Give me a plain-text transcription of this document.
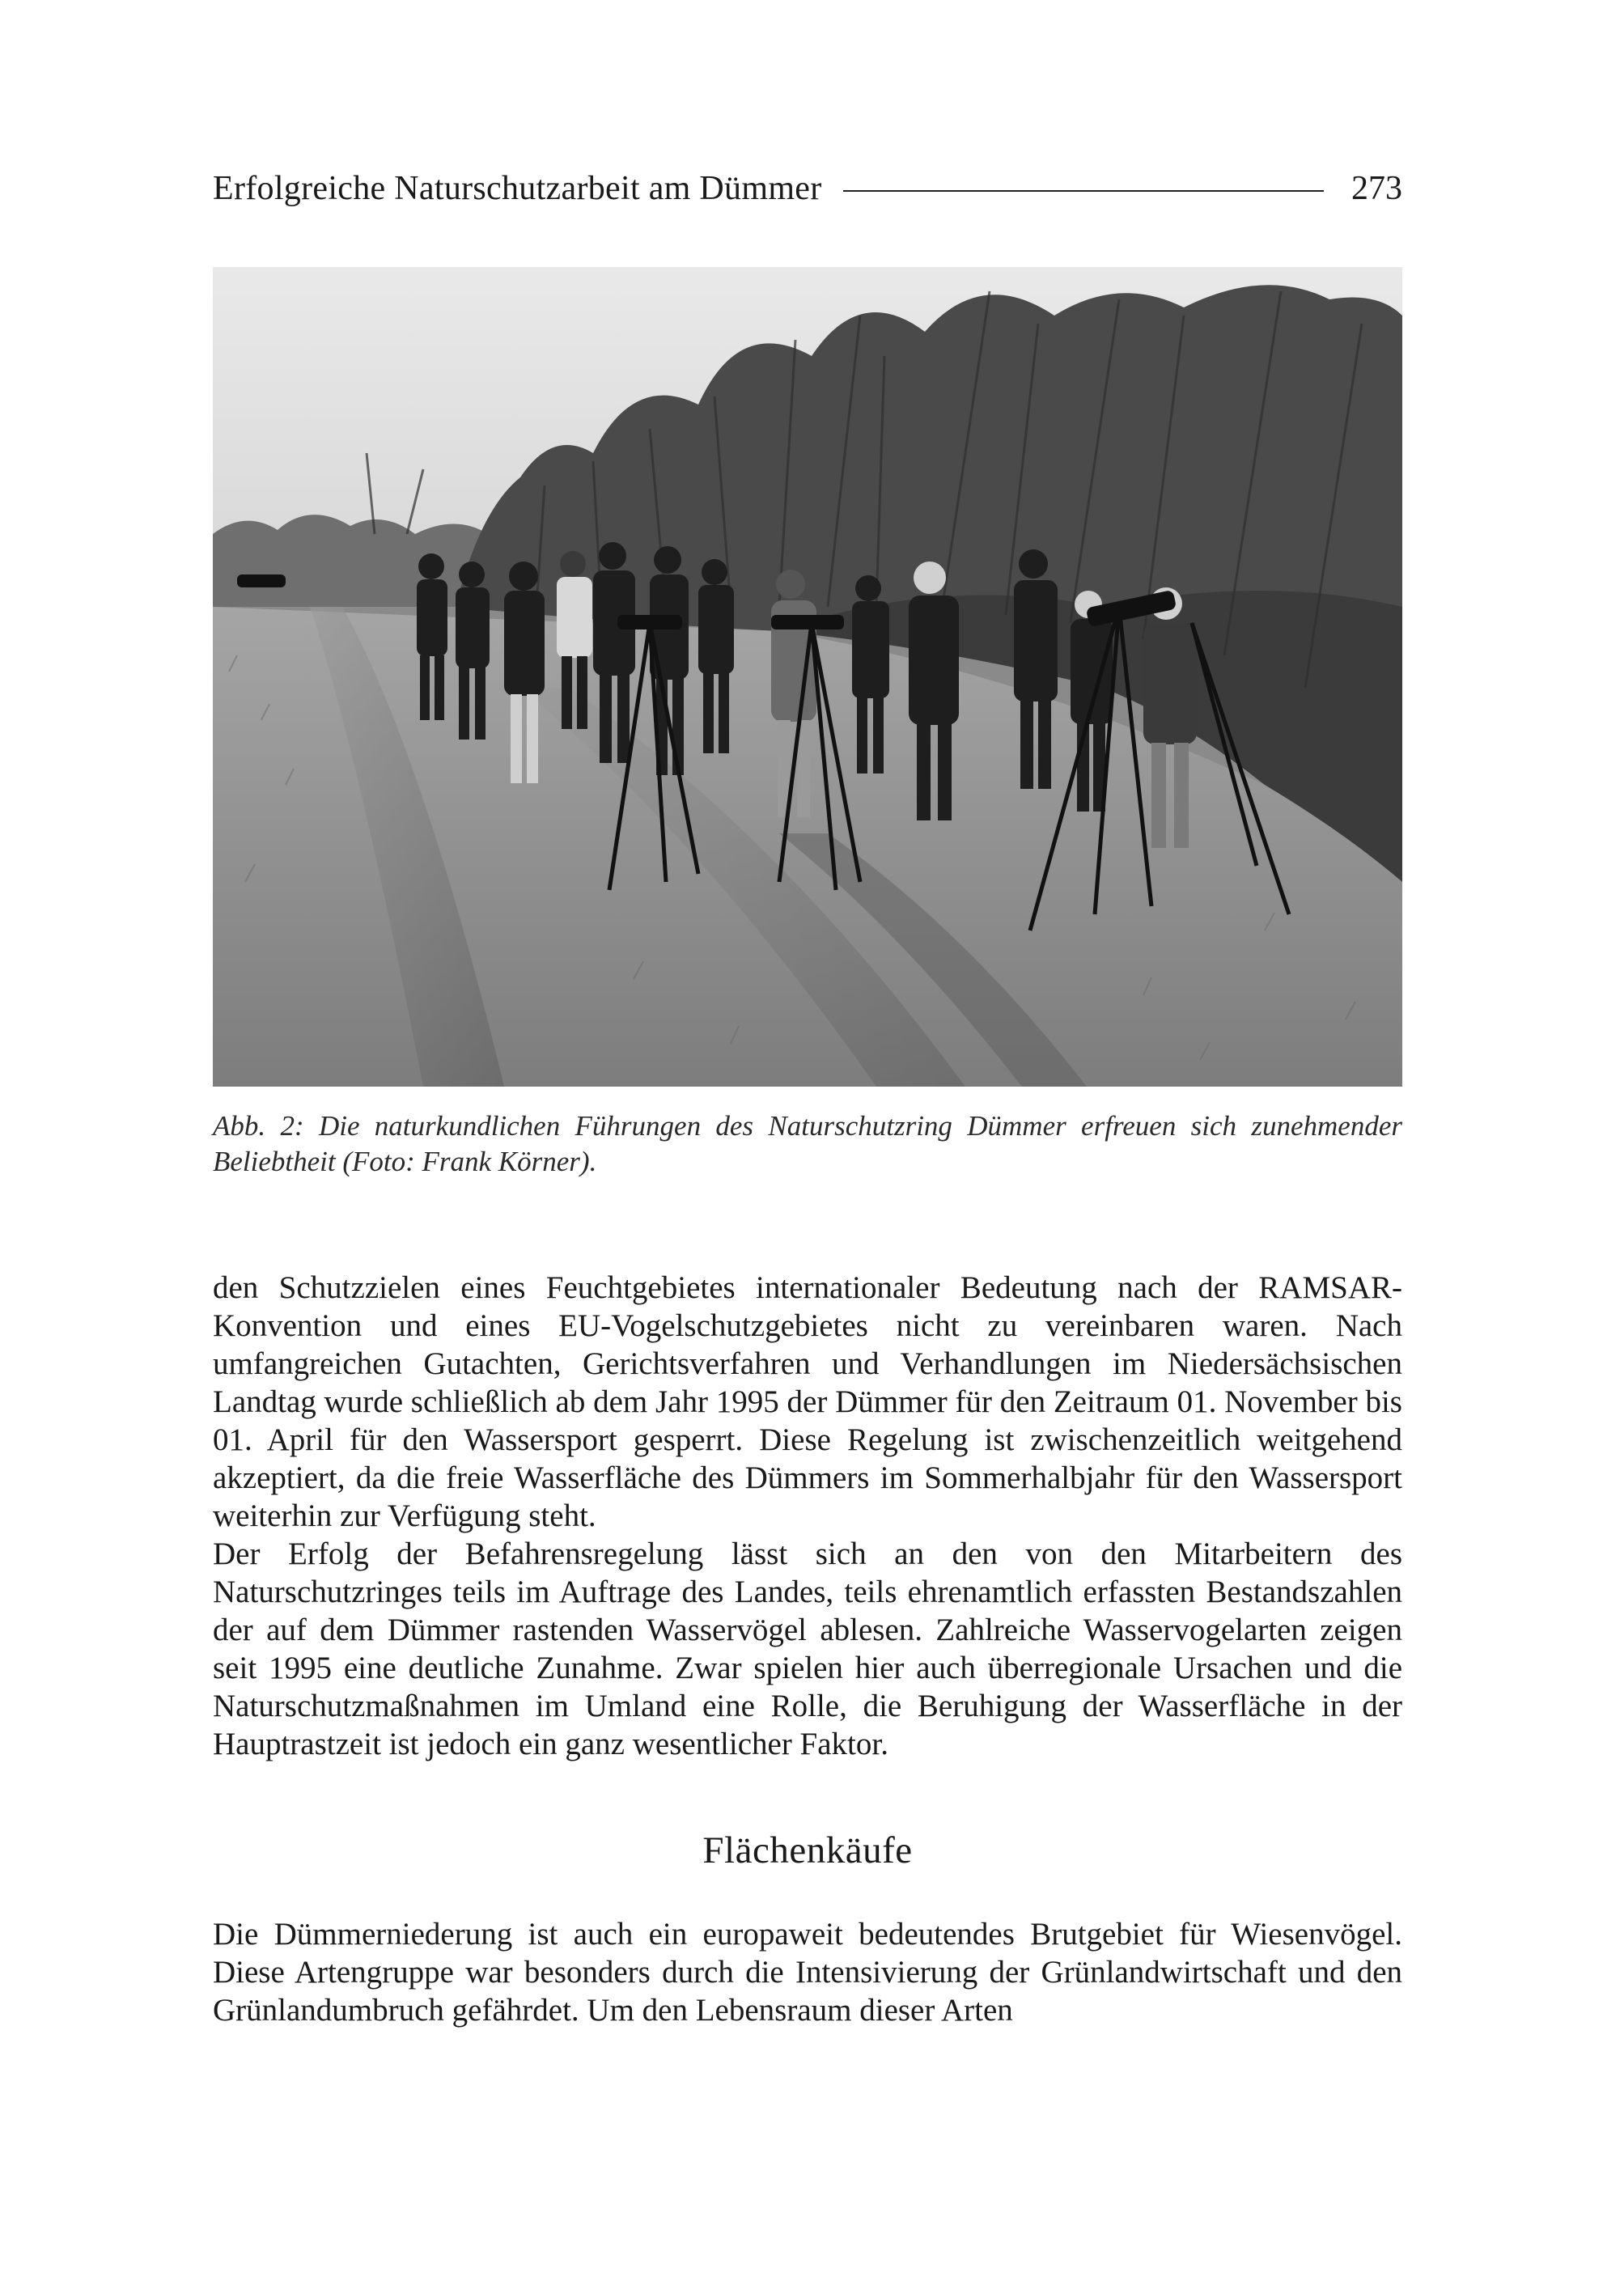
Erfolgreiche Naturschutzarbeit am Dümmer	273
Abb. 2: Die naturkundlichen Führungen des Naturschutzring Dümmer erfreuen sich zunehmender Beliebtheit (Foto: Frank Körner).

den Schutzzielen eines Feuchtgebietes internationaler Bedeutung nach der RAMSAR-Konvention und eines EU-Vogelschutzgebietes nicht zu vereinbaren waren. Nach umfangreichen Gutachten, Gerichtsverfahren und Verhandlungen im Niedersächsischen Landtag wurde schließlich ab dem Jahr 1995 der Dümmer für den Zeitraum 01. November bis 01. April für den Wassersport gesperrt. Diese Regelung ist zwischenzeitlich weitgehend akzeptiert, da die freie Wasserfläche des Dümmers im Sommerhalbjahr für den Wassersport weiterhin zur Verfügung steht.

Der Erfolg der Befahrensregelung lässt sich an den von den Mitarbeitern des Naturschutzringes teils im Auftrage des Landes, teils ehrenamtlich erfassten Bestandszahlen der auf dem Dümmer rastenden Wasservögel ablesen. Zahlreiche Wasservogelarten zeigen seit 1995 eine deutliche Zunahme. Zwar spielen hier auch überregionale Ursachen und die Naturschutzmaßnahmen im Umland eine Rolle, die Beruhigung der Wasserfläche in der Hauptrastzeit ist jedoch ein ganz wesentlicher Faktor.

Flächenkäufe

Die Dümmerniederung ist auch ein europaweit bedeutendes Brutgebiet für Wiesenvögel. Diese Artengruppe war besonders durch die Intensivierung der Grünlandwirtschaft und den Grünlandumbruch gefährdet. Um den Lebensraum dieser Arten
